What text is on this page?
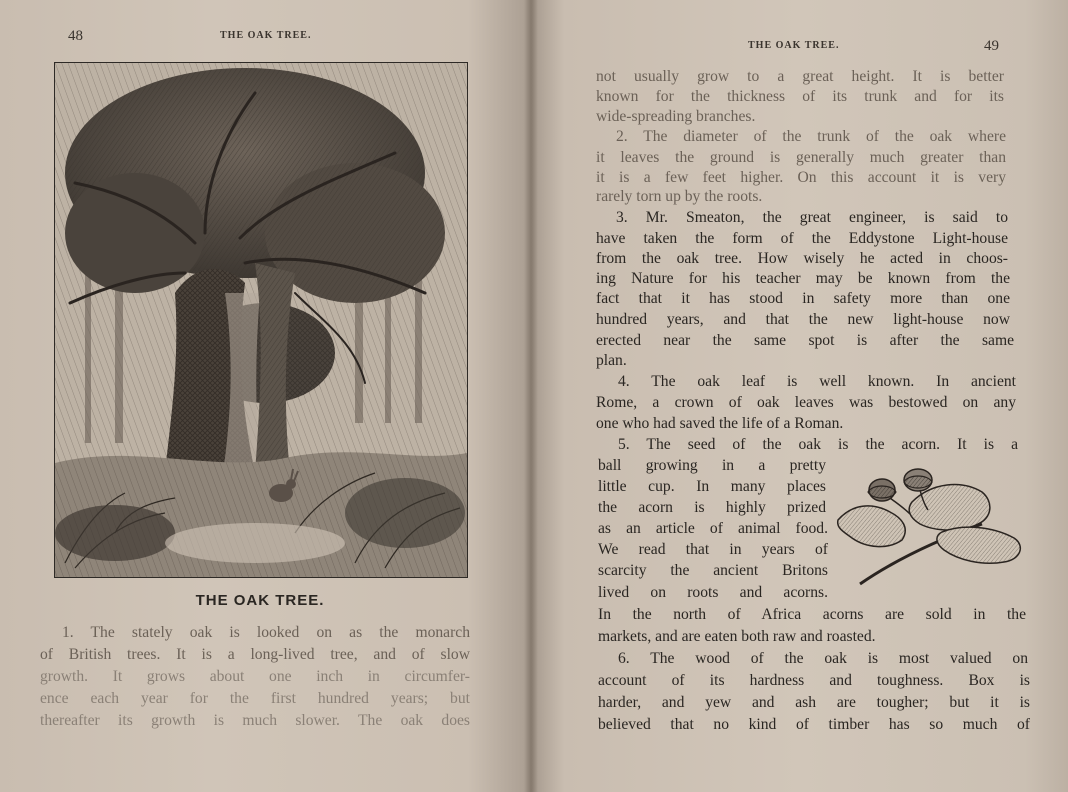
48	THE OAK TREE.
THE OAK TREE.
1. The stately oak is looked on as the monarch
of British trees. It is a long-lived tree, and of slow
growth. It grows about one inch in circumfer-
ence each year for the first hundred years; but
thereafter its growth is much slower. The oak does
THE OAK TREE.	49
not usually grow to a great height. It is better
known for the thickness of its trunk and for its
wide-spreading branches.
2. The diameter of the trunk of the oak where
it leaves the ground is generally much greater than
it is a few feet higher. On this account it is very
rarely torn up by the roots.
3. Mr. Smeaton, the great engineer, is said to
have taken the form of the Eddystone Light-house
from the oak tree. How wisely he acted in choos-
ing Nature for his teacher may be known from the
fact that it has stood in safety more than one
hundred years, and that the new light-house now
erected near the same spot is after the same
plan.
4. The oak leaf is well known. In ancient
Rome, a crown of oak leaves was bestowed on any
one who had saved the life of a Roman.
5. The seed of the oak is the acorn. It is a
ball growing in a pretty
little cup. In many places
the acorn is highly prized
as an article of animal food.
We read that in years of
scarcity the ancient Britons
lived on roots and acorns.
In the north of Africa acorns are sold in the
markets, and are eaten both raw and roasted.
6. The wood of the oak is most valued on
account of its hardness and toughness. Box is
harder, and yew and ash are tougher; but it is
believed that no kind of timber has so much of
